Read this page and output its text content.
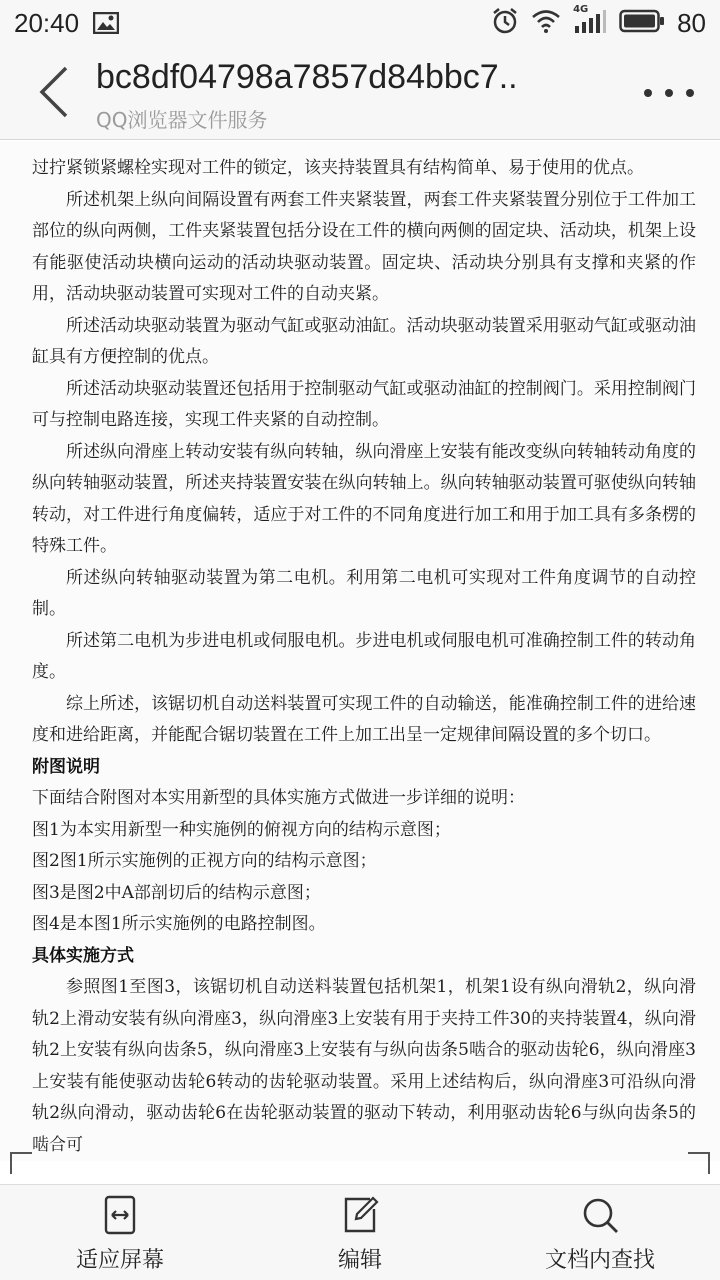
20:40	4G	80
bc8df04798a7857d84bbc7..
QQ浏览器文件服务
过拧紧锁紧螺栓实现对工件的锁定，该夹持装置具有结构简单、易于使用的优点。
所述机架上纵向间隔设置有两套工件夹紧装置，两套工件夹紧装置分别位于工件加工部位的纵向两侧，工件夹紧装置包括分设在工件的横向两侧的固定块、活动块，机架上设有能驱使活动块横向运动的活动块驱动装置。固定块、活动块分别具有支撑和夹紧的作用，活动块驱动装置可实现对工件的自动夹紧。
所述活动块驱动装置为驱动气缸或驱动油缸。活动块驱动装置采用驱动气缸或驱动油缸具有方便控制的优点。
所述活动块驱动装置还包括用于控制驱动气缸或驱动油缸的控制阀门。采用控制阀门可与控制电路连接，实现工件夹紧的自动控制。
所述纵向滑座上转动安装有纵向转轴，纵向滑座上安装有能改变纵向转轴转动角度的纵向转轴驱动装置，所述夹持装置安装在纵向转轴上。纵向转轴驱动装置可驱使纵向转轴转动，对工件进行角度偏转，适应于对工件的不同角度进行加工和用于加工具有多条楞的特殊工件。
所述纵向转轴驱动装置为第二电机。利用第二电机可实现对工件角度调节的自动控制。
所述第二电机为步进电机或伺服电机。步进电机或伺服电机可准确控制工件的转动角度。
综上所述，该锯切机自动送料装置可实现工件的自动输送，能准确控制工件的进给速度和进给距离，并能配合锯切装置在工件上加工出呈一定规律间隔设置的多个切口。
附图说明
下面结合附图对本实用新型的具体实施方式做进一步详细的说明：
图1为本实用新型一种实施例的俯视方向的结构示意图；
图2图1所示实施例的正视方向的结构示意图；
图3是图2中A部剖切后的结构示意图；
图4是本图1所示实施例的电路控制图。
具体实施方式
参照图1至图3，该锯切机自动送料装置包括机架1，机架1设有纵向滑轨2，纵向滑轨2上滑动安装有纵向滑座3，纵向滑座3上安装有用于夹持工件30的夹持装置4，纵向滑轨2上安装有纵向齿条5，纵向滑座3上安装有与纵向齿条5啮合的驱动齿轮6，纵向滑座3上安装有能使驱动齿轮6转动的齿轮驱动装置。采用上述结构后，纵向滑座3可沿纵向滑轨2纵向滑动，驱动齿轮6在齿轮驱动装置的驱动下转动，利用驱动齿轮6与纵向齿条5的啮合可
适应屏幕	编辑	文档内查找
